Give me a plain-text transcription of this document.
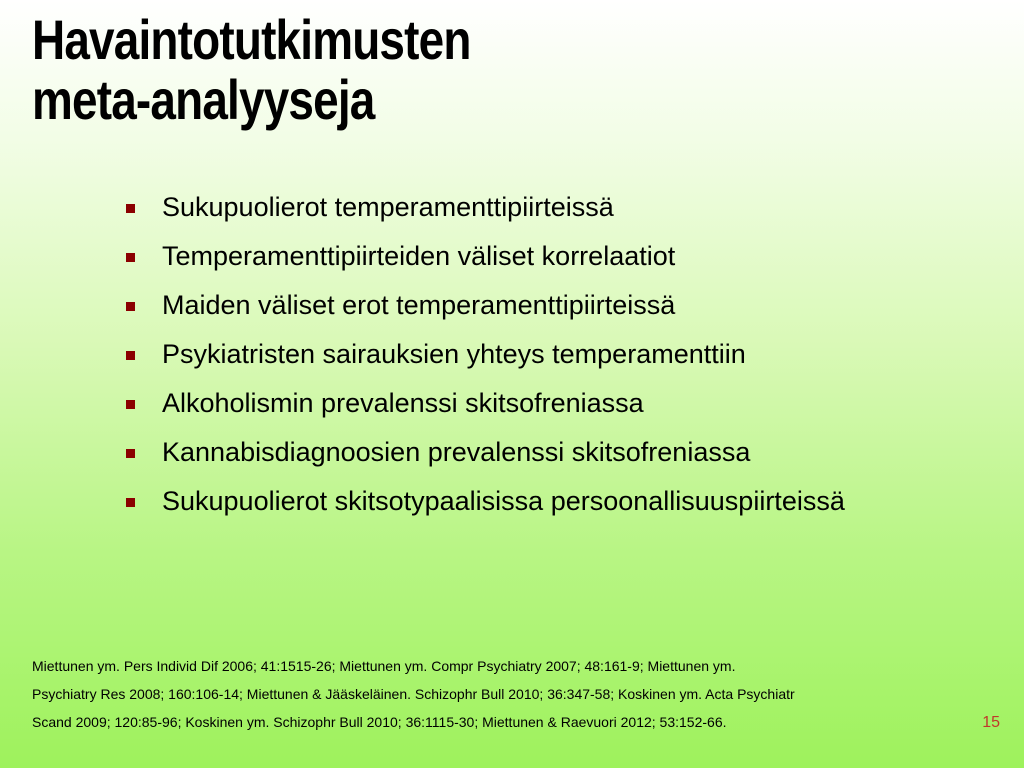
Havaintotutkimusten
meta-analyyseja
Sukupuolierot temperamenttipiirteissä
Temperamenttipiirteiden väliset korrelaatiot
Maiden väliset erot temperamenttipiirteissä
Psykiatristen sairauksien yhteys temperamenttiin
Alkoholismin prevalenssi skitsofreniassa
Kannabisdiagnoosien prevalenssi skitsofreniassa
Sukupuolierot skitsotypaalisissa persoonallisuuspiirteissä
Miettunen ym. Pers Individ Dif 2006; 41:1515-26; Miettunen ym. Compr Psychiatry 2007; 48:161-9; Miettunen ym.
Psychiatry Res 2008; 160:106-14; Miettunen & Jääskeläinen. Schizophr Bull 2010; 36:347-58; Koskinen ym. Acta Psychiatr
Scand 2009; 120:85-96; Koskinen ym. Schizophr Bull 2010; 36:1115-30; Miettunen & Raevuori 2012; 53:152-66.	15
